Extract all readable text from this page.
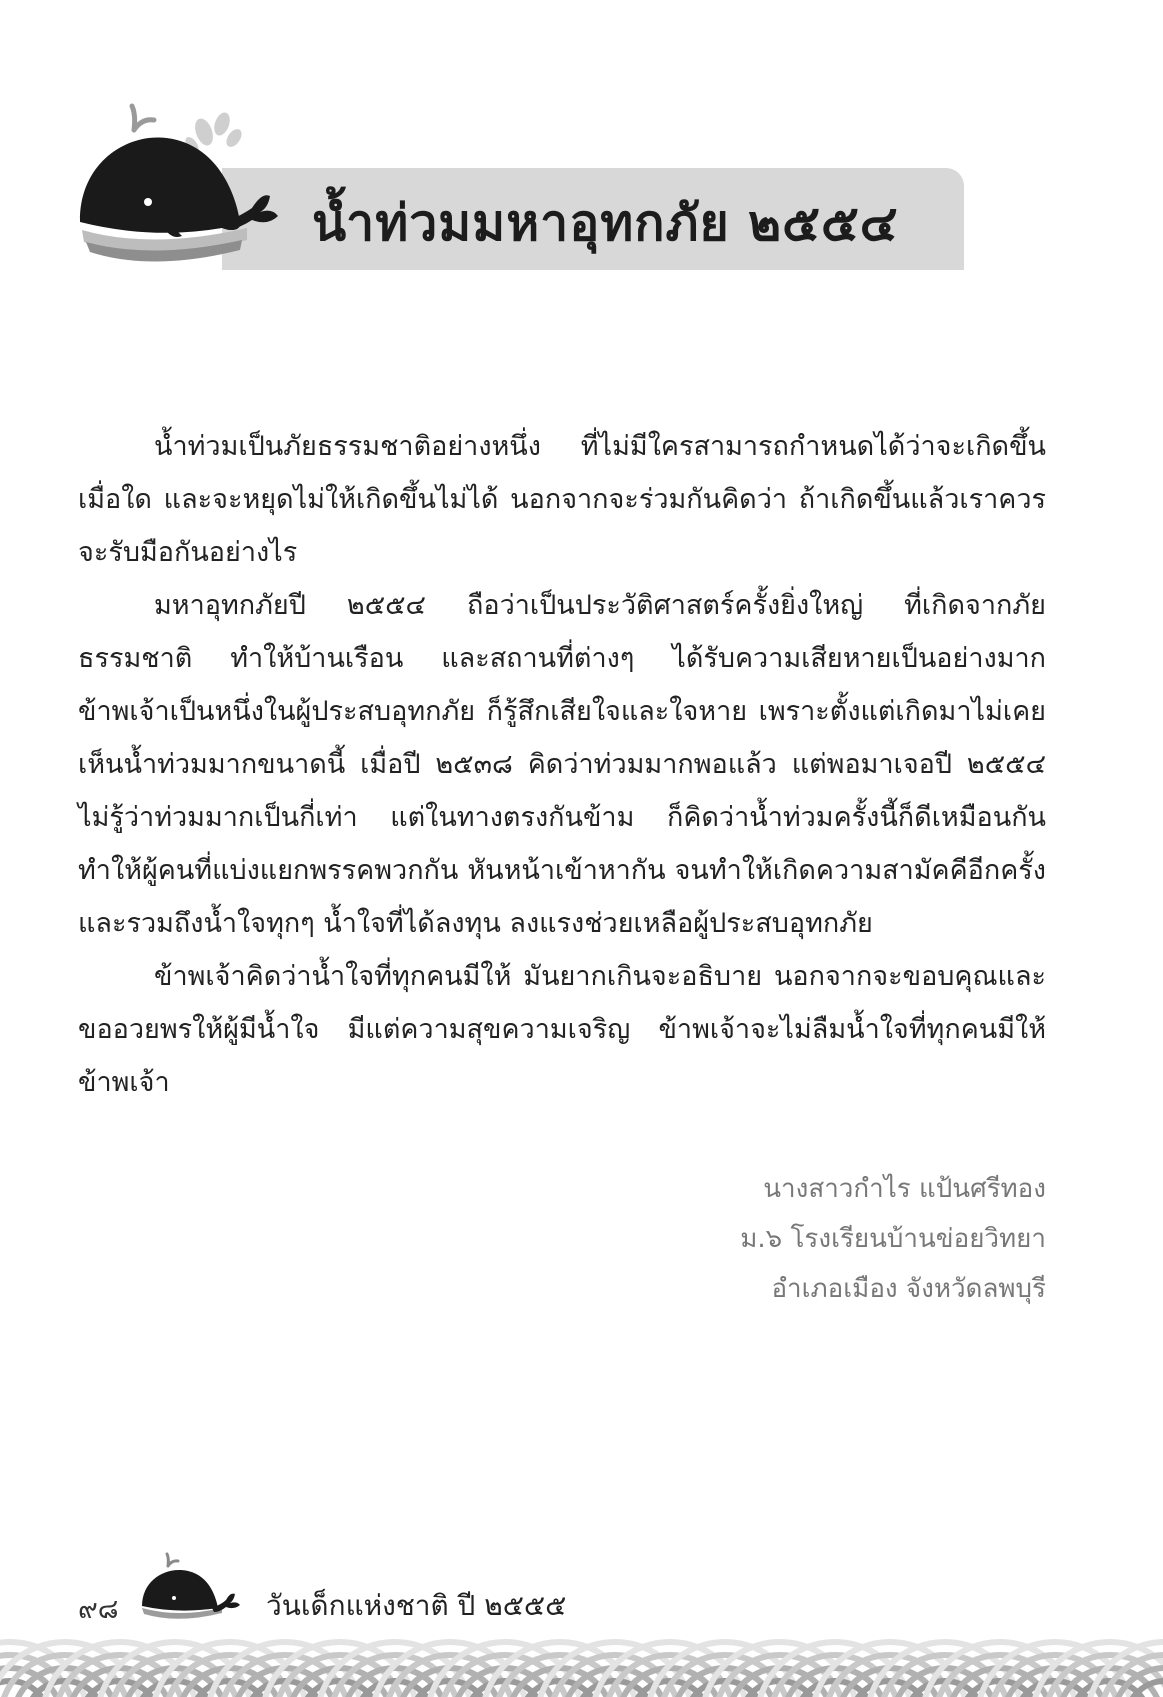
น้ำท่วมมหาอุทกภัย ๒๕๕๔

น้ำท่วมเป็นภัยธรรมชาติอย่างหนึ่ง ที่ไม่มีใครสามารถกำหนดได้ว่าจะเกิดขึ้นเมื่อใด และจะหยุดไม่ให้เกิดขึ้นไม่ได้ นอกจากจะร่วมกันคิดว่า ถ้าเกิดขึ้นแล้วเราควรจะรับมือกันอย่างไร

มหาอุทกภัยปี ๒๕๕๔ ถือว่าเป็นประวัติศาสตร์ครั้งยิ่งใหญ่ ที่เกิดจากภัยธรรมชาติ ทำให้บ้านเรือน และสถานที่ต่างๆ ได้รับความเสียหายเป็นอย่างมาก ข้าพเจ้าเป็นหนึ่งในผู้ประสบอุทกภัย ก็รู้สึกเสียใจและใจหาย เพราะตั้งแต่เกิดมาไม่เคยเห็นน้ำท่วมมากขนาดนี้ เมื่อปี ๒๕๓๘ คิดว่าท่วมมากพอแล้ว แต่พอมาเจอปี ๒๕๕๔ ไม่รู้ว่าท่วมมากเป็นกี่เท่า แต่ในทางตรงกันข้าม ก็คิดว่าน้ำท่วมครั้งนี้ก็ดีเหมือนกัน ทำให้ผู้คนที่แบ่งแยกพรรคพวกกัน หันหน้าเข้าหากัน จนทำให้เกิดความสามัคคีอีกครั้ง และรวมถึงน้ำใจทุกๆ น้ำใจที่ได้ลงทุน ลงแรงช่วยเหลือผู้ประสบอุทกภัย

ข้าพเจ้าคิดว่าน้ำใจที่ทุกคนมีให้ มันยากเกินจะอธิบาย นอกจากจะขอบคุณและขออวยพรให้ผู้มีน้ำใจ มีแต่ความสุขความเจริญ ข้าพเจ้าจะไม่ลืมน้ำใจที่ทุกคนมีให้ข้าพเจ้า

นางสาวกำไร แป้นศรีทอง
ม.๖ โรงเรียนบ้านข่อยวิทยา
อำเภอเมือง จังหวัดลพบุรี
๙๘	วันเด็กแห่งชาติ ปี ๒๕๕๕
